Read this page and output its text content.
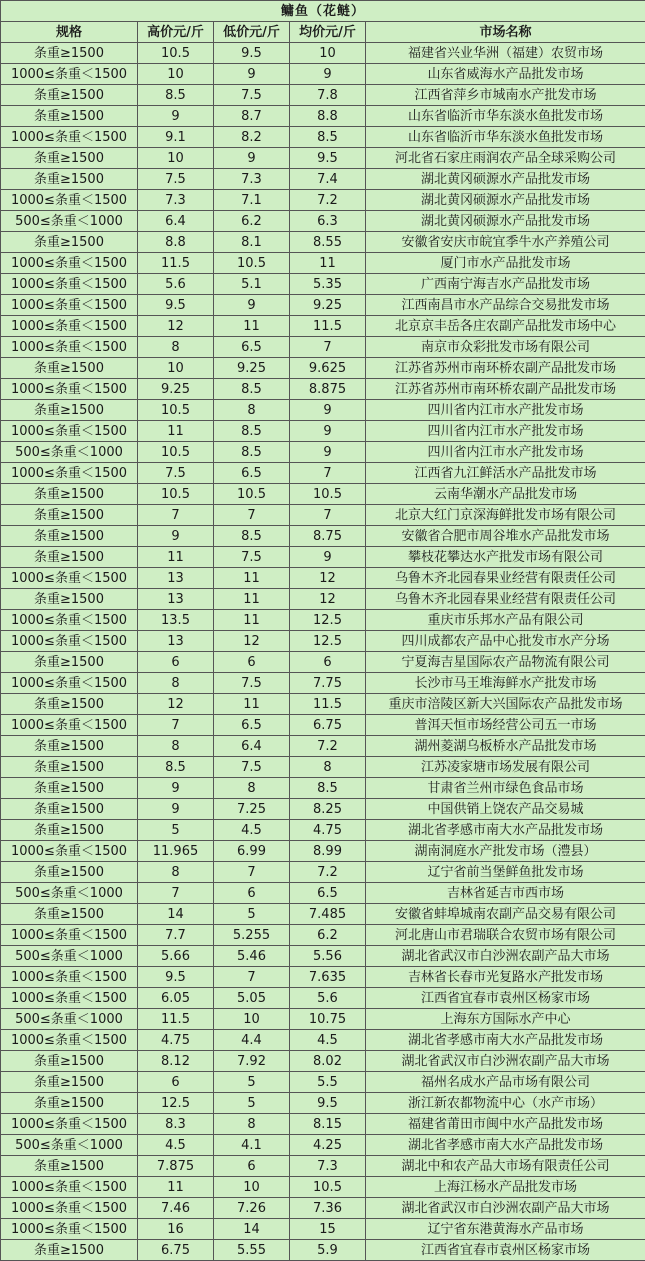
鳙鱼（花鲢）				
规格	高价元/斤	低价元/斤	均价元/斤	市场名称
条重≥1500	10.5	9.5	10	福建省兴业华洲（福建）农贸市场
1000≤条重＜1500	10	9	9	山东省威海水产品批发市场
条重≥1500	8.5	7.5	7.8	江西省萍乡市城南水产批发市场
条重≥1500	9	8.7	8.8	山东省临沂市华东淡水鱼批发市场
1000≤条重＜1500	9.1	8.2	8.5	山东省临沂市华东淡水鱼批发市场
条重≥1500	10	9	9.5	河北省石家庄雨润农产品全球采购公司
条重≥1500	7.5	7.3	7.4	湖北黄冈硕源水产品批发市场
1000≤条重＜1500	7.3	7.1	7.2	湖北黄冈硕源水产品批发市场
500≤条重＜1000	6.4	6.2	6.3	湖北黄冈硕源水产品批发市场
条重≥1500	8.8	8.1	8.55	安徽省安庆市皖宜季牛水产养殖公司
1000≤条重＜1500	11.5	10.5	11	厦门市水产品批发市场
1000≤条重＜1500	5.6	5.1	5.35	广西南宁海吉水产品批发市场
1000≤条重＜1500	9.5	9	9.25	江西南昌市水产品综合交易批发市场
1000≤条重＜1500	12	11	11.5	北京京丰岳各庄农副产品批发市场中心
1000≤条重＜1500	8	6.5	7	南京市众彩批发市场有限公司
条重≥1500	10	9.25	9.625	江苏省苏州市南环桥农副产品批发市场
1000≤条重＜1500	9.25	8.5	8.875	江苏省苏州市南环桥农副产品批发市场
条重≥1500	10.5	8	9	四川省内江市水产批发市场
1000≤条重＜1500	11	8.5	9	四川省内江市水产批发市场
500≤条重＜1000	10.5	8.5	9	四川省内江市水产批发市场
1000≤条重＜1500	7.5	6.5	7	江西省九江鲜活水产品批发市场
条重≥1500	10.5	10.5	10.5	云南华潮水产品批发市场
条重≥1500	7	7	7	北京大红门京深海鲜批发市场有限公司
条重≥1500	9	8.5	8.75	安徽省合肥市周谷堆水产品批发市场
条重≥1500	11	7.5	9	攀枝花攀达水产批发市场有限公司
1000≤条重＜1500	13	11	12	乌鲁木齐北园春果业经营有限责任公司
条重≥1500	13	11	12	乌鲁木齐北园春果业经营有限责任公司
1000≤条重＜1500	13.5	11	12.5	重庆市乐邦水产品有限公司
1000≤条重＜1500	13	12	12.5	四川成都农产品中心批发市水产分场
条重≥1500	6	6	6	宁夏海吉星国际农产品物流有限公司
1000≤条重＜1500	8	7.5	7.75	长沙市马王堆海鲜水产批发市场
条重≥1500	12	11	11.5	重庆市涪陵区新大兴国际农产品批发市场
1000≤条重＜1500	7	6.5	6.75	普洱天恒市场经营公司五一市场
条重≥1500	8	6.4	7.2	湖州菱湖乌板桥水产品批发市场
条重≥1500	8.5	7.5	8	江苏凌家塘市场发展有限公司
条重≥1500	9	8	8.5	甘肃省兰州市绿色食品市场
条重≥1500	9	7.25	8.25	中国供销上饶农产品交易城
条重≥1500	5	4.5	4.75	湖北省孝感市南大水产品批发市场
1000≤条重＜1500	11.965	6.99	8.99	湖南洞庭水产批发市场（澧县）
条重≥1500	8	7	7.2	辽宁省前当堡鲜鱼批发市场
500≤条重＜1000	7	6	6.5	吉林省延吉市西市场
条重≥1500	14	5	7.485	安徽省蚌埠城南农副产品交易有限公司
1000≤条重＜1500	7.7	5.255	6.2	河北唐山市君瑞联合农贸市场有限公司
500≤条重＜1000	5.66	5.46	5.56	湖北省武汉市白沙洲农副产品大市场
1000≤条重＜1500	9.5	7	7.635	吉林省长春市光复路水产批发市场
1000≤条重＜1500	6.05	5.05	5.6	江西省宜春市袁州区杨家市场
500≤条重＜1000	11.5	10	10.75	上海东方国际水产中心
1000≤条重＜1500	4.75	4.4	4.5	湖北省孝感市南大水产品批发市场
条重≥1500	8.12	7.92	8.02	湖北省武汉市白沙洲农副产品大市场
条重≥1500	6	5	5.5	福州名成水产品市场有限公司
条重≥1500	12.5	5	9.5	浙江新农都物流中心（水产市场）
1000≤条重＜1500	8.3	8	8.15	福建省莆田市闽中水产品批发市场
500≤条重＜1000	4.5	4.1	4.25	湖北省孝感市南大水产品批发市场
条重≥1500	7.875	6	7.3	湖北中和农产品大市场有限责任公司
1000≤条重＜1500	11	10	10.5	上海江杨水产品批发市场
1000≤条重＜1500	7.46	7.26	7.36	湖北省武汉市白沙洲农副产品大市场
1000≤条重＜1500	16	14	15	辽宁省东港黄海水产品市场
条重≥1500	6.75	5.55	5.9	江西省宜春市袁州区杨家市场
